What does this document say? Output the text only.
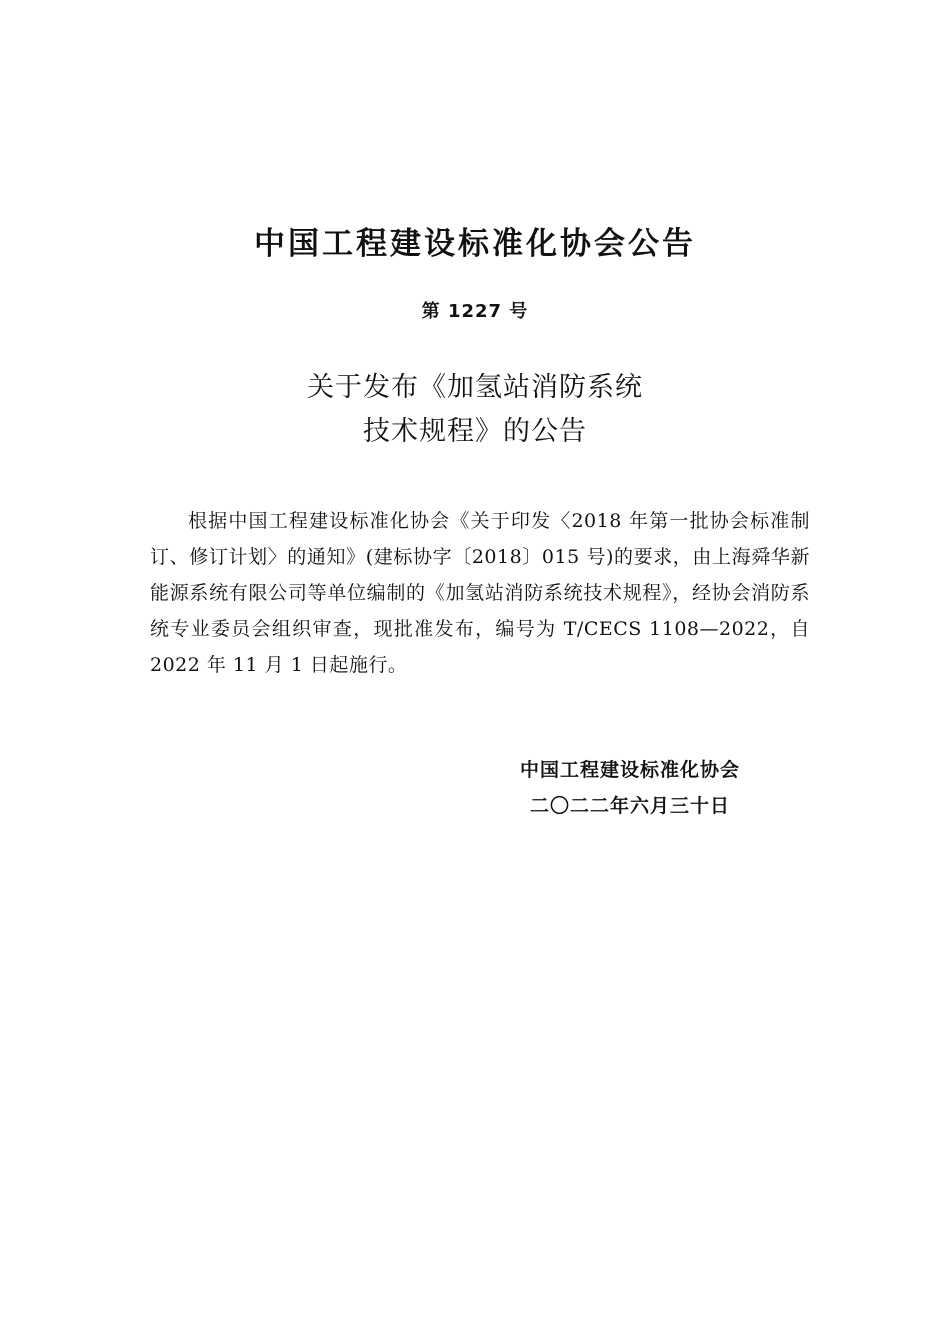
中国工程建设标准化协会公告
第 1227 号
关于发布《加氢站消防系统
技术规程》的公告

根据中国工程建设标准化协会《关于印发〈2018 年第一批协会标准制订、修订计划〉的通知》(建标协字〔2018〕015 号)的要求，由上海舜华新能源系统有限公司等单位编制的《加氢站消防系统技术规程》，经协会消防系统专业委员会组织审查，现批准发布，编号为 T/CECS 1108—2022，自 2022 年 11 月 1 日起施行。

中国工程建设标准化协会
二〇二二年六月三十日
